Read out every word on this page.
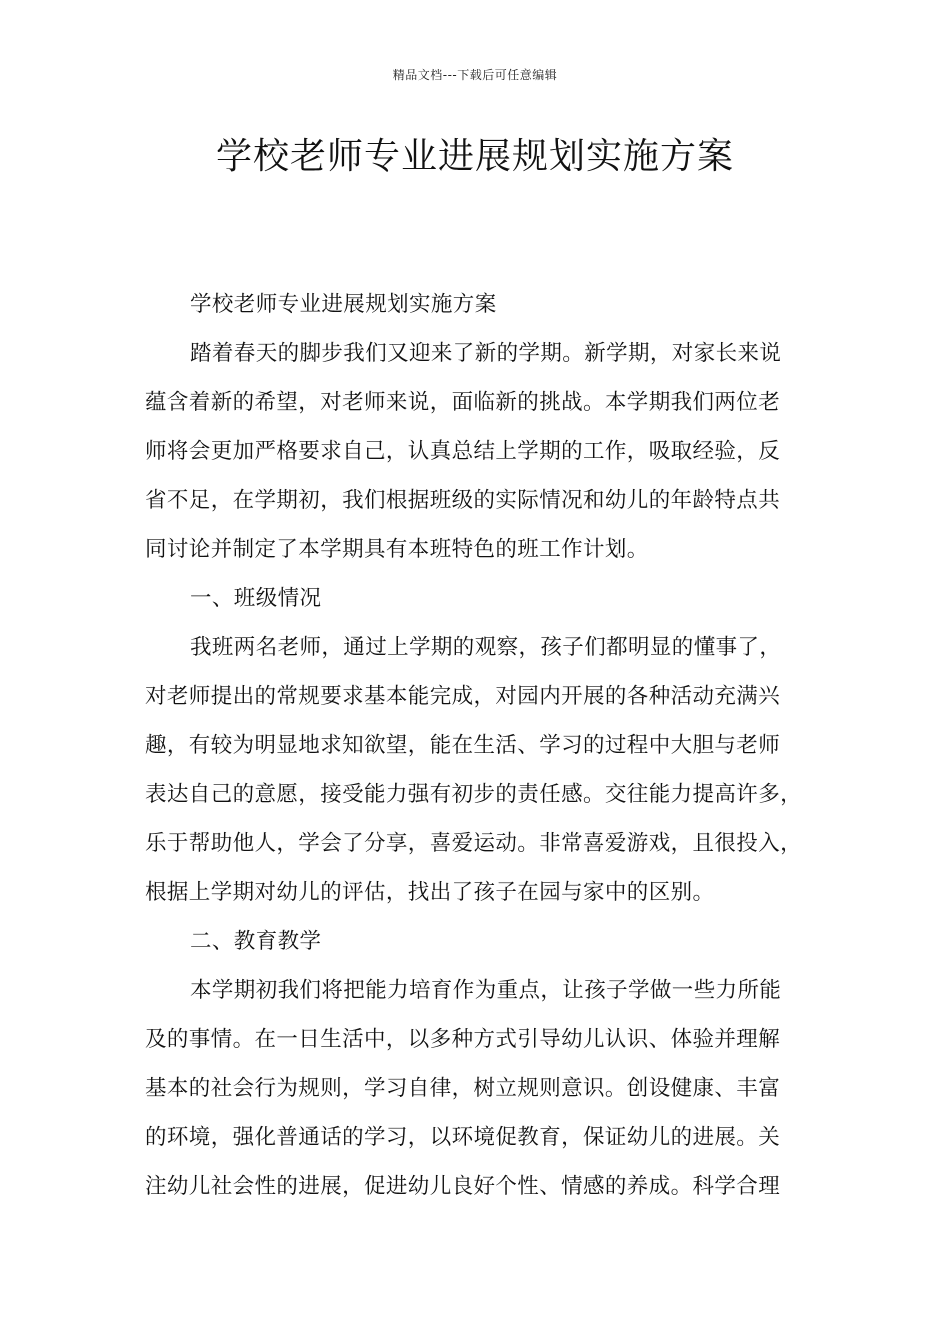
精品文档---下载后可任意编辑
学校老师专业进展规划实施方案
学校老师专业进展规划实施方案
踏着春天的脚步我们又迎来了新的学期。新学期，对家长来说
蕴含着新的希望，对老师来说，面临新的挑战。本学期我们两位老
师将会更加严格要求自己，认真总结上学期的工作，吸取经验，反
省不足，在学期初，我们根据班级的实际情况和幼儿的年龄特点共
同讨论并制定了本学期具有本班特色的班工作计划。
一、班级情况
我班两名老师，通过上学期的观察，孩子们都明显的懂事了，
对老师提出的常规要求基本能完成，对园内开展的各种活动充满兴
趣，有较为明显地求知欲望，能在生活、学习的过程中大胆与老师
表达自己的意愿，接受能力强有初步的责任感。交往能力提高许多，
乐于帮助他人，学会了分享，喜爱运动。非常喜爱游戏，且很投入，
根据上学期对幼儿的评估，找出了孩子在园与家中的区别。
二、教育教学
本学期初我们将把能力培育作为重点，让孩子学做一些力所能
及的事情。在一日生活中，以多种方式引导幼儿认识、体验并理解
基本的社会行为规则，学习自律，树立规则意识。创设健康、丰富
的环境，强化普通话的学习，以环境促教育，保证幼儿的进展。关
注幼儿社会性的进展，促进幼儿良好个性、情感的养成。科学合理
